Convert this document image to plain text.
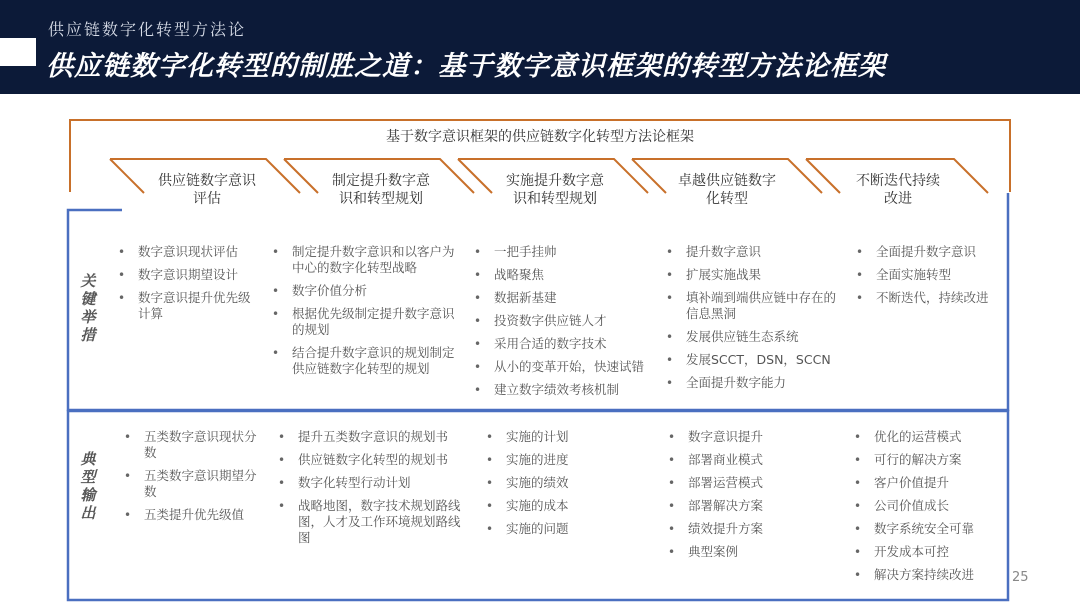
供应链数字化转型方法论
供应链数字化转型的制胜之道：基于数字意识框架的转型方法论框架
基于数字意识框架的供应链数字化转型方法论框架
供应链数字意识
评估
制定提升数字意
识和转型规划
实施提升数字意
识和转型规划
卓越供应链数字
化转型
不断迭代持续
改进
关
键
举
措
典
型
输
出
• 数字意识现状评估
• 数字意识期望设计
• 数字意识提升优先级计算
• 制定提升数字意识和以客户为中心的数字化转型战略
• 数字价值分析
• 根据优先级制定提升数字意识的规划
• 结合提升数字意识的规划制定供应链数字化转型的规划
• 一把手挂帅
• 战略聚焦
• 数据新基建
• 投资数字供应链人才
• 采用合适的数字技术
• 从小的变革开始，快速试错
• 建立数字绩效考核机制
• 提升数字意识
• 扩展实施战果
• 填补端到端供应链中存在的信息黑洞
• 发展供应链生态系统
• 发展SCCT，DSN，SCCN
• 全面提升数字能力
• 全面提升数字意识
• 全面实施转型
• 不断迭代，持续改进
• 五类数字意识现状分数
• 五类数字意识期望分数
• 五类提升优先级值
• 提升五类数字意识的规划书
• 供应链数字化转型的规划书
• 数字化转型行动计划
• 战略地图，数字技术规划路线图，人才及工作环境规划路线图
• 实施的计划
• 实施的进度
• 实施的绩效
• 实施的成本
• 实施的问题
• 数字意识提升
• 部署商业模式
• 部署运营模式
• 部署解决方案
• 绩效提升方案
• 典型案例
• 优化的运营模式
• 可行的解决方案
• 客户价值提升
• 公司价值成长
• 数字系统安全可靠
• 开发成本可控
• 解决方案持续改进	25
